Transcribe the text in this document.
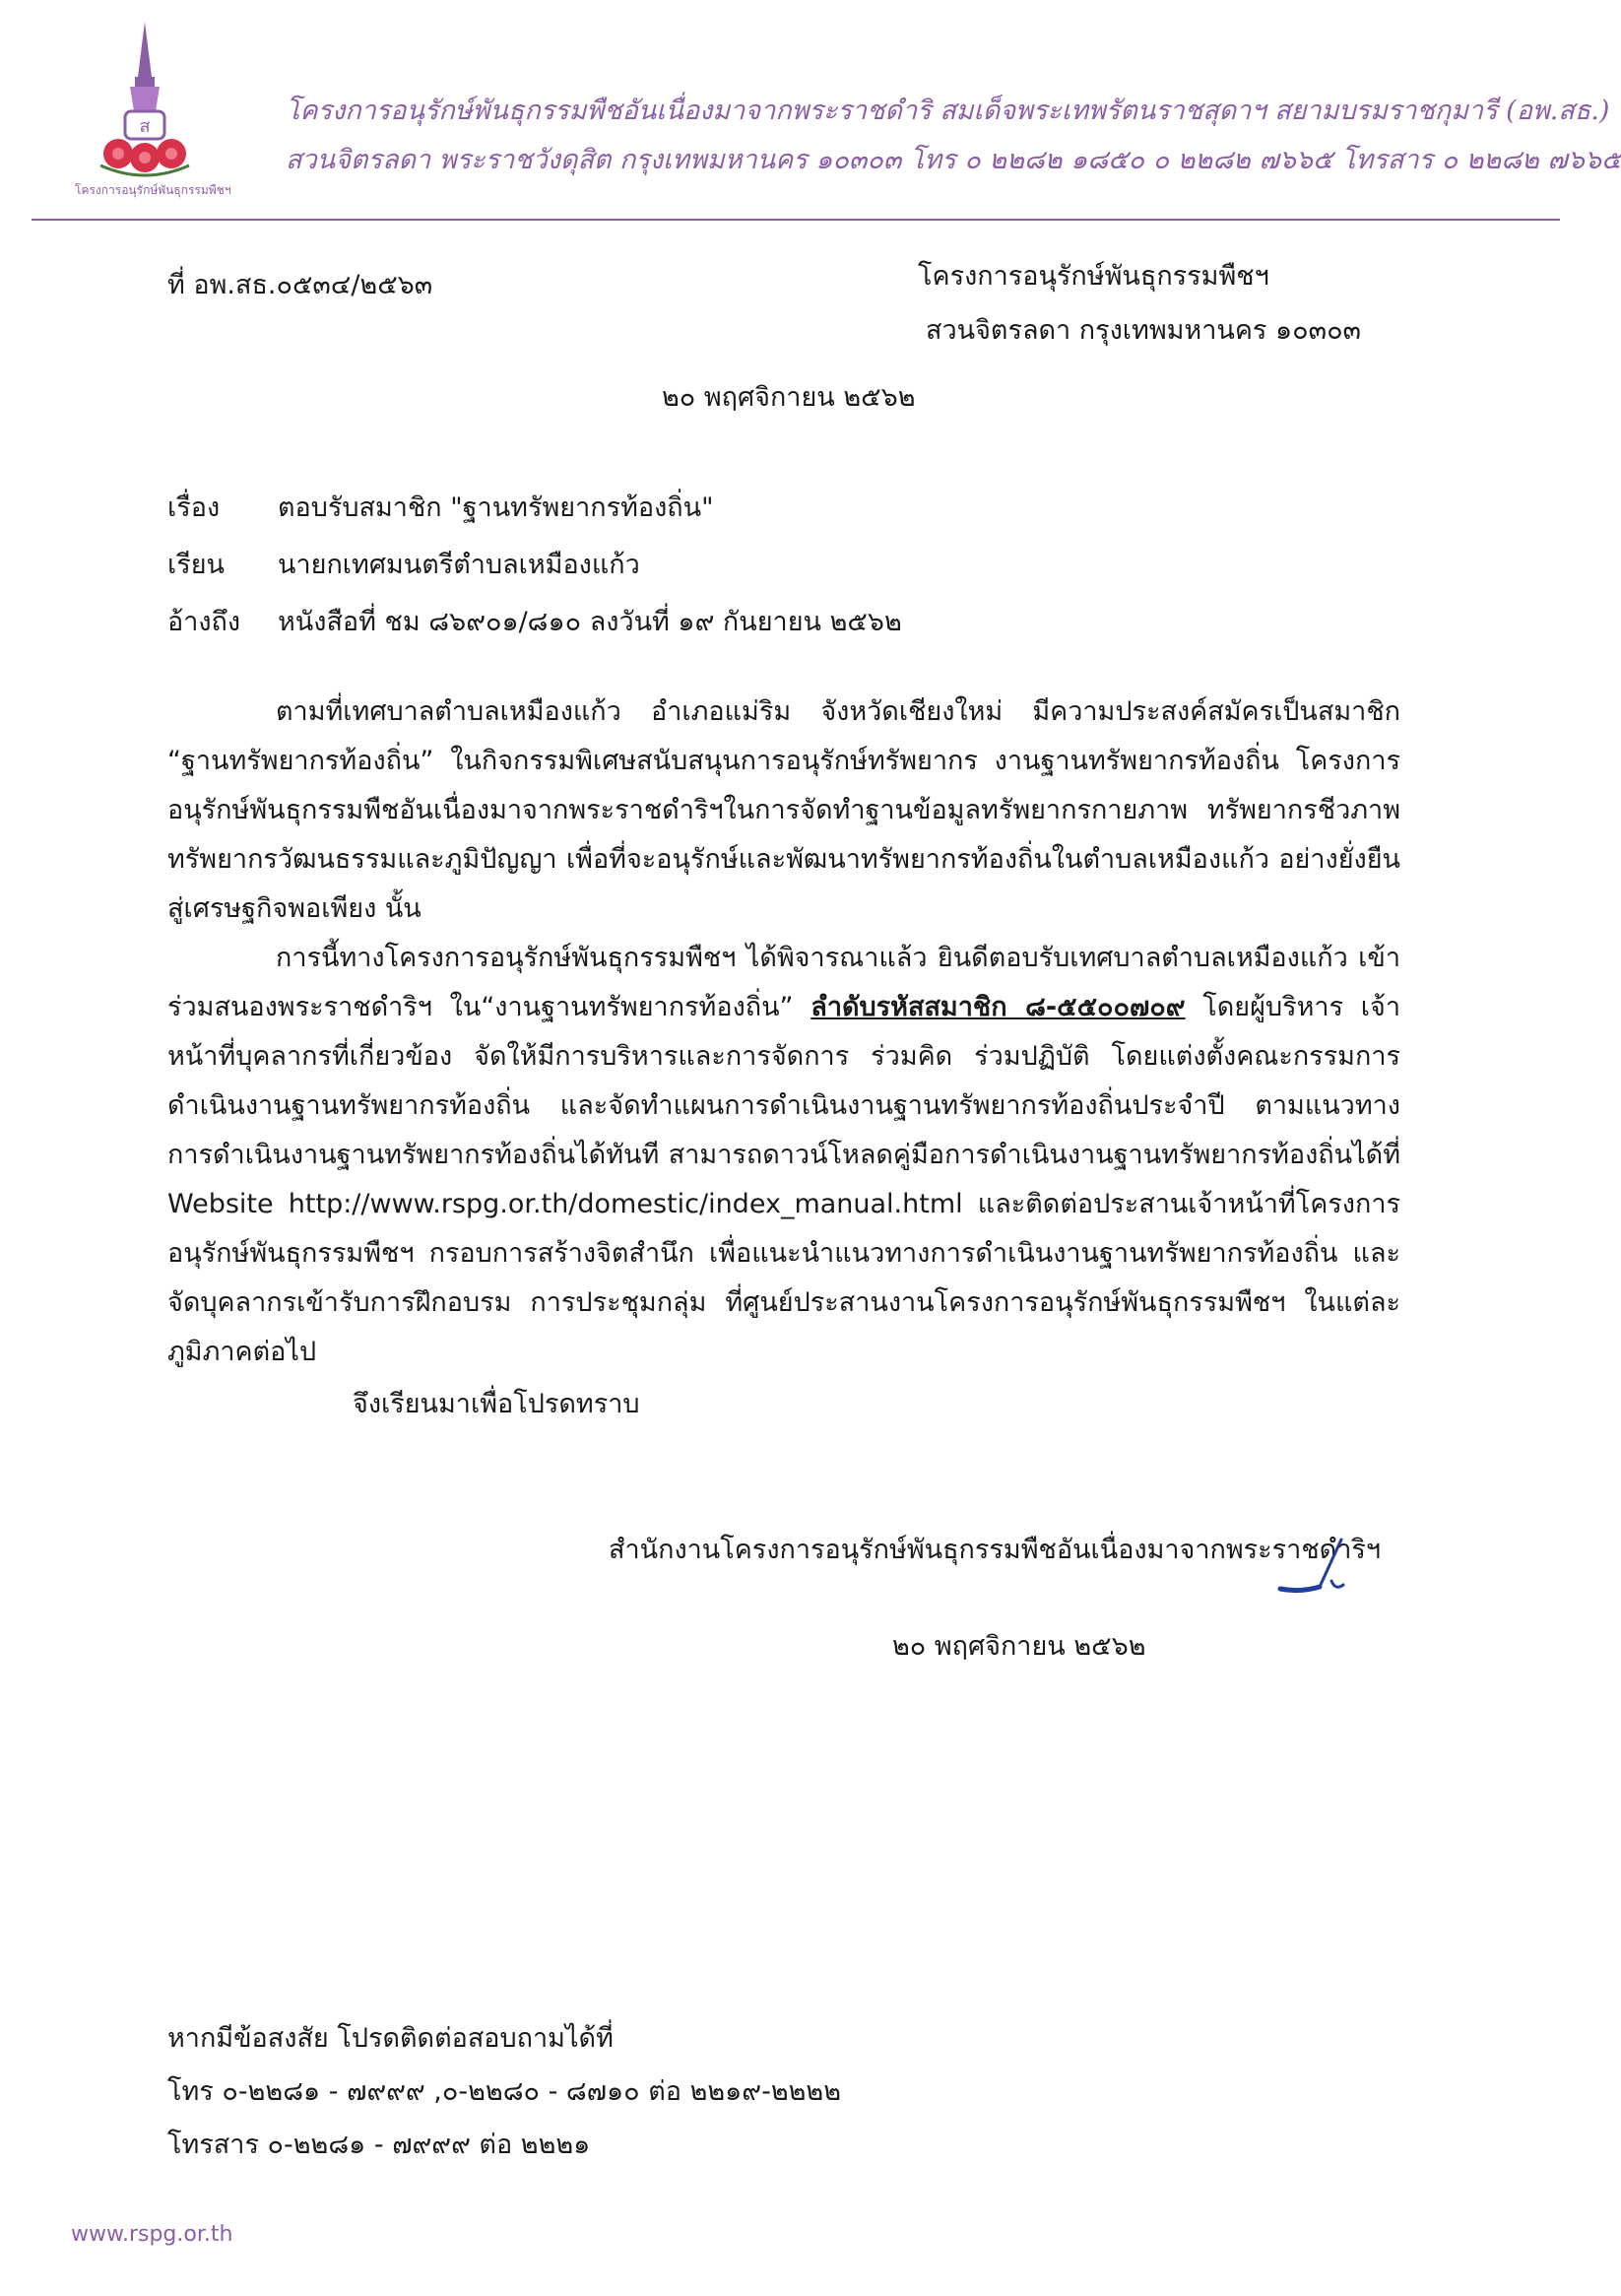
ส
โครงการอนุรักษ์พันธุกรรมพืชฯ
โครงการอนุรักษ์พันธุกรรมพืชอันเนื่องมาจากพระราชดำริ สมเด็จพระเทพรัตนราชสุดาฯ สยามบรมราชกุมารี (อพ.สธ.)
สวนจิตรลดา พระราชวังดุสิต กรุงเทพมหานคร ๑๐๓๐๓ โทร ๐ ๒๒๘๒ ๑๘๕๐ ๐ ๒๒๘๒ ๗๖๖๕ โทรสาร ๐ ๒๒๘๒ ๗๖๖๕
ที่ อพ.สธ.๐๕๓๔/๒๕๖๓	โครงการอนุรักษ์พันธุกรรมพืชฯ
สวนจิตรลดา กรุงเทพมหานคร ๑๐๓๐๓
๒๐ พฤศจิกายน ๒๕๖๒
เรื่อง ตอบรับสมาชิก "ฐานทรัพยากรท้องถิ่น"
เรียน นายกเทศมนตรีตำบลเหมืองแก้ว
อ้างถึง หนังสือที่ ชม ๘๖๙๐๑/๘๑๐ ลงวันที่ ๑๙ กันยายน ๒๕๖๒

ตามที่เทศบาลตำบลเหมืองแก้ว อำเภอแม่ริม จังหวัดเชียงใหม่ มีความประสงค์สมัครเป็นสมาชิก “ฐานทรัพยากรท้องถิ่น” ในกิจกรรมพิเศษสนับสนุนการอนุรักษ์ทรัพยากร งานฐานทรัพยากรท้องถิ่น โครงการอนุรักษ์พันธุกรรมพืชอันเนื่องมาจากพระราชดำริฯในการจัดทำฐานข้อมูลทรัพยากรกายภาพ ทรัพยากรชีวภาพ ทรัพยากรวัฒนธรรมและภูมิปัญญา เพื่อที่จะอนุรักษ์และพัฒนาทรัพยากรท้องถิ่นในตำบลเหมืองแก้ว อย่างยั่งยืนสู่เศรษฐกิจพอเพียง นั้น

การนี้ทางโครงการอนุรักษ์พันธุกรรมพืชฯ ได้พิจารณาแล้ว ยินดีตอบรับเทศบาลตำบลเหมืองแก้ว เข้าร่วมสนองพระราชดำริฯ ใน“งานฐานทรัพยากรท้องถิ่น” ลำดับรหัสสมาชิก ๘-๕๕๐๐๗๐๙ โดยผู้บริหาร เจ้าหน้าที่บุคลากรที่เกี่ยวข้อง จัดให้มีการบริหารและการจัดการ ร่วมคิด ร่วมปฏิบัติ โดยแต่งตั้งคณะกรรมการดำเนินงานฐานทรัพยากรท้องถิ่น และจัดทำแผนการดำเนินงานฐานทรัพยากรท้องถิ่นประจำปี ตามแนวทางการดำเนินงานฐานทรัพยากรท้องถิ่นได้ทันที สามารถดาวน์โหลดคู่มือการดำเนินงานฐานทรัพยากรท้องถิ่นได้ที่ Website http://www.rspg.or.th/domestic/index_manual.html และติดต่อประสานเจ้าหน้าที่โครงการอนุรักษ์พันธุกรรมพืชฯ กรอบการสร้างจิตสำนึก เพื่อแนะนำแนวทางการดำเนินงานฐานทรัพยากรท้องถิ่น และจัดบุคลากรเข้ารับการฝึกอบรม การประชุมกลุ่ม ที่ศูนย์ประสานงานโครงการอนุรักษ์พันธุกรรมพืชฯ ในแต่ละภูมิภาคต่อไป

จึงเรียนมาเพื่อโปรดทราบ
สำนักงานโครงการอนุรักษ์พันธุกรรมพืชอันเนื่องมาจากพระราชดำริฯ
๒๐ พฤศจิกายน ๒๕๖๒
หากมีข้อสงสัย โปรดติดต่อสอบถามได้ที่
โทร ๐-๒๒๘๑ - ๗๙๙๙ ,๐-๒๒๘๐ - ๘๗๑๐ ต่อ ๒๒๑๙-๒๒๒๒
โทรสาร ๐-๒๒๘๑ - ๗๙๙๙ ต่อ ๒๒๒๑
www.rspg.or.th
